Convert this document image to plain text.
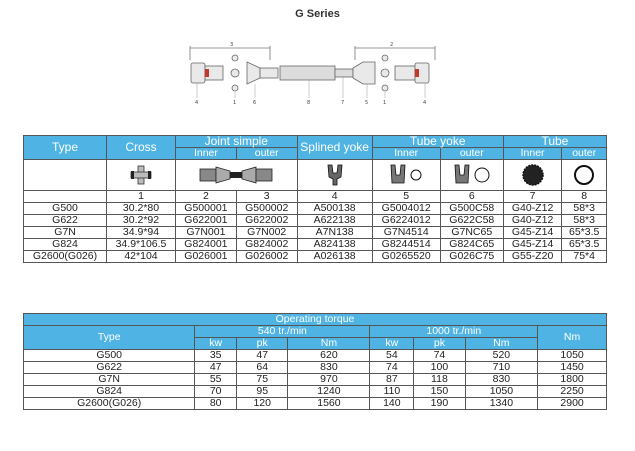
G Series
3	2
4	1	6	8	7	5	1	4
Type	Cross	Joint simple		Splined yoke	Tube yoke		Tube	
		Inner	outer		Inner	outer	Inner	outer

	1	2	3	4	5	6	7	8
G500	30.2*80	G500001	G500002	A500138	G5004012	G500C58	G40-Z12	58*3
G622	30.2*92	G622001	G622002	A622138	G6224012	G622C58	G40-Z12	58*3
G7N	34.9*94	G7N001	G7N002	A7N138	G7N4514	G7NC65	G45-Z14	65*3.5
G824	34.9*106.5	G824001	G824002	A824138	G8244514	G824C65	G45-Z14	65*3.5
G2600(G026)	42*104	G026001	G026002	A026138	G0265520	G026C75	G55-Z20	75*4
Operating torque							
Type	540 tr./min			1000 tr./min			Nm
	kw	pk	Nm	kw	pk	Nm	
G500	35	47	620	54	74	520	1050
G622	47	64	830	74	100	710	1450
G7N	55	75	970	87	118	830	1800
G824	70	95	1240	110	150	1050	2250
G2600(G026)	80	120	1560	140	190	1340	2900
